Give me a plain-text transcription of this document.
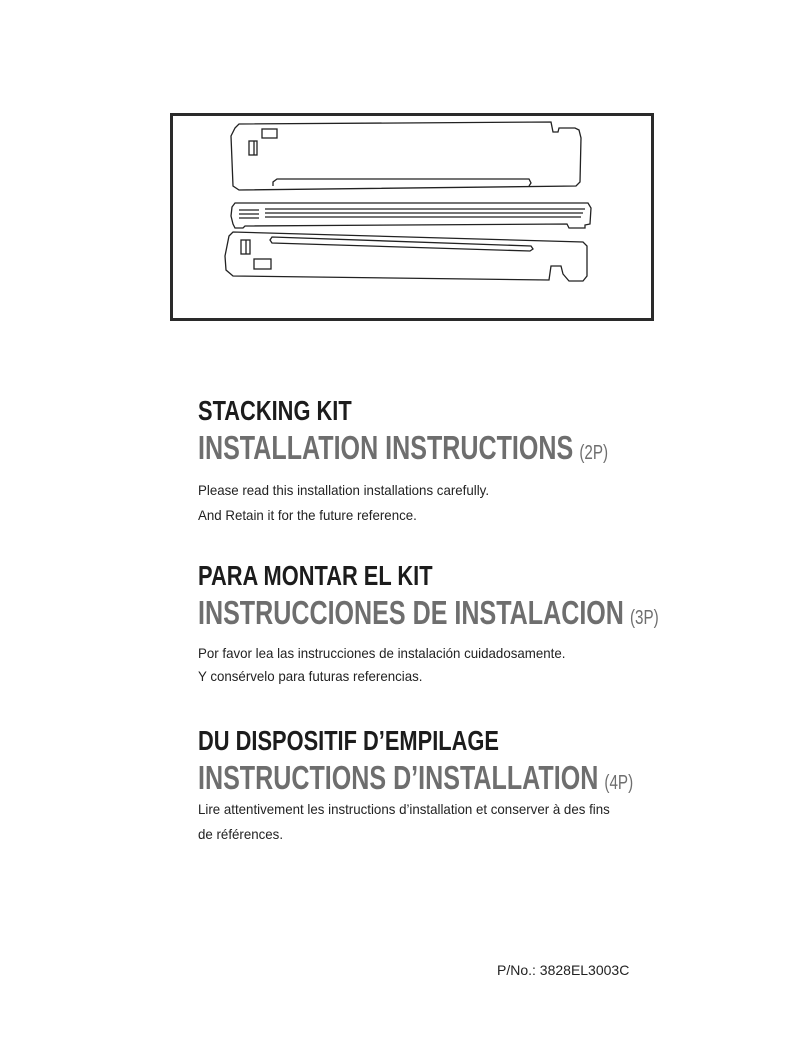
STACKING KIT
INSTALLATION INSTRUCTIONS (2P)
Please read this installation installations carefully.
And Retain it for the future reference.
PARA MONTAR EL KIT
INSTRUCCIONES DE INSTALACION (3P)
Por favor lea las instrucciones de instalación cuidadosamente.
Y consérvelo para futuras referencias.
DU DISPOSITIF D’EMPILAGE
INSTRUCTIONS D’INSTALLATION (4P)
Lire attentivement les instructions d’installation et conserver à des fins
de références.
P/No.: 3828EL3003C
